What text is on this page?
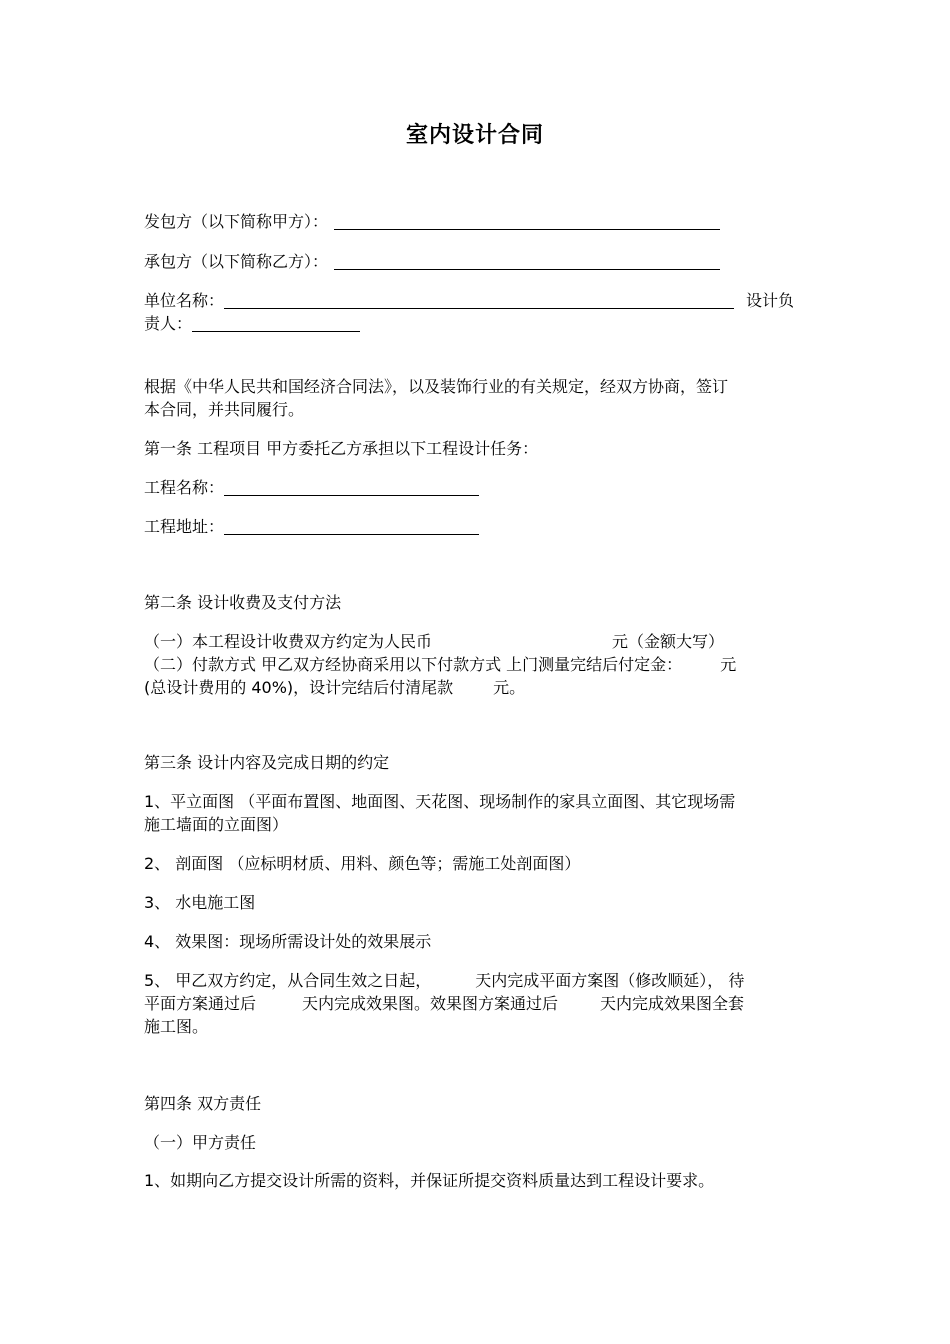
室内设计合同

发包方（以下简称甲方）：

承包方（以下简称乙方）：

单位名称：	设计负

责人：

根据《中华人民共和国经济合同法》，以及装饰行业的有关规定，经双方协商，签订

本合同，并共同履行。

第一条 工程项目 甲方委托乙方承担以下工程设计任务：

工程名称：

工程地址：

第二条 设计收费及支付方法

（一）本工程设计收费双方约定为人民币	元（金额大写）

（二）付款方式 甲乙双方经协商采用以下付款方式 上门测量完结后付定金： 元

(总设计费用的 40%)，设计完结后付清尾款	元。

第三条 设计内容及完成日期的约定

1、平立面图 （平面布置图、地面图、天花图、现场制作的家具立面图、其它现场需

施工墙面的立面图）

2、 剖面图 （应标明材质、用料、颜色等；需施工处剖面图）

3、 水电施工图

4、 效果图：现场所需设计处的效果展示

5、 甲乙双方约定，从合同生效之日起，	天内完成平面方案图（修改顺延）， 待

平面方案通过后	天内完成效果图。效果图方案通过后	天内完成效果图全套

施工图。

第四条 双方责任

（一）甲方责任

1、如期向乙方提交设计所需的资料，并保证所提交资料质量达到工程设计要求。
